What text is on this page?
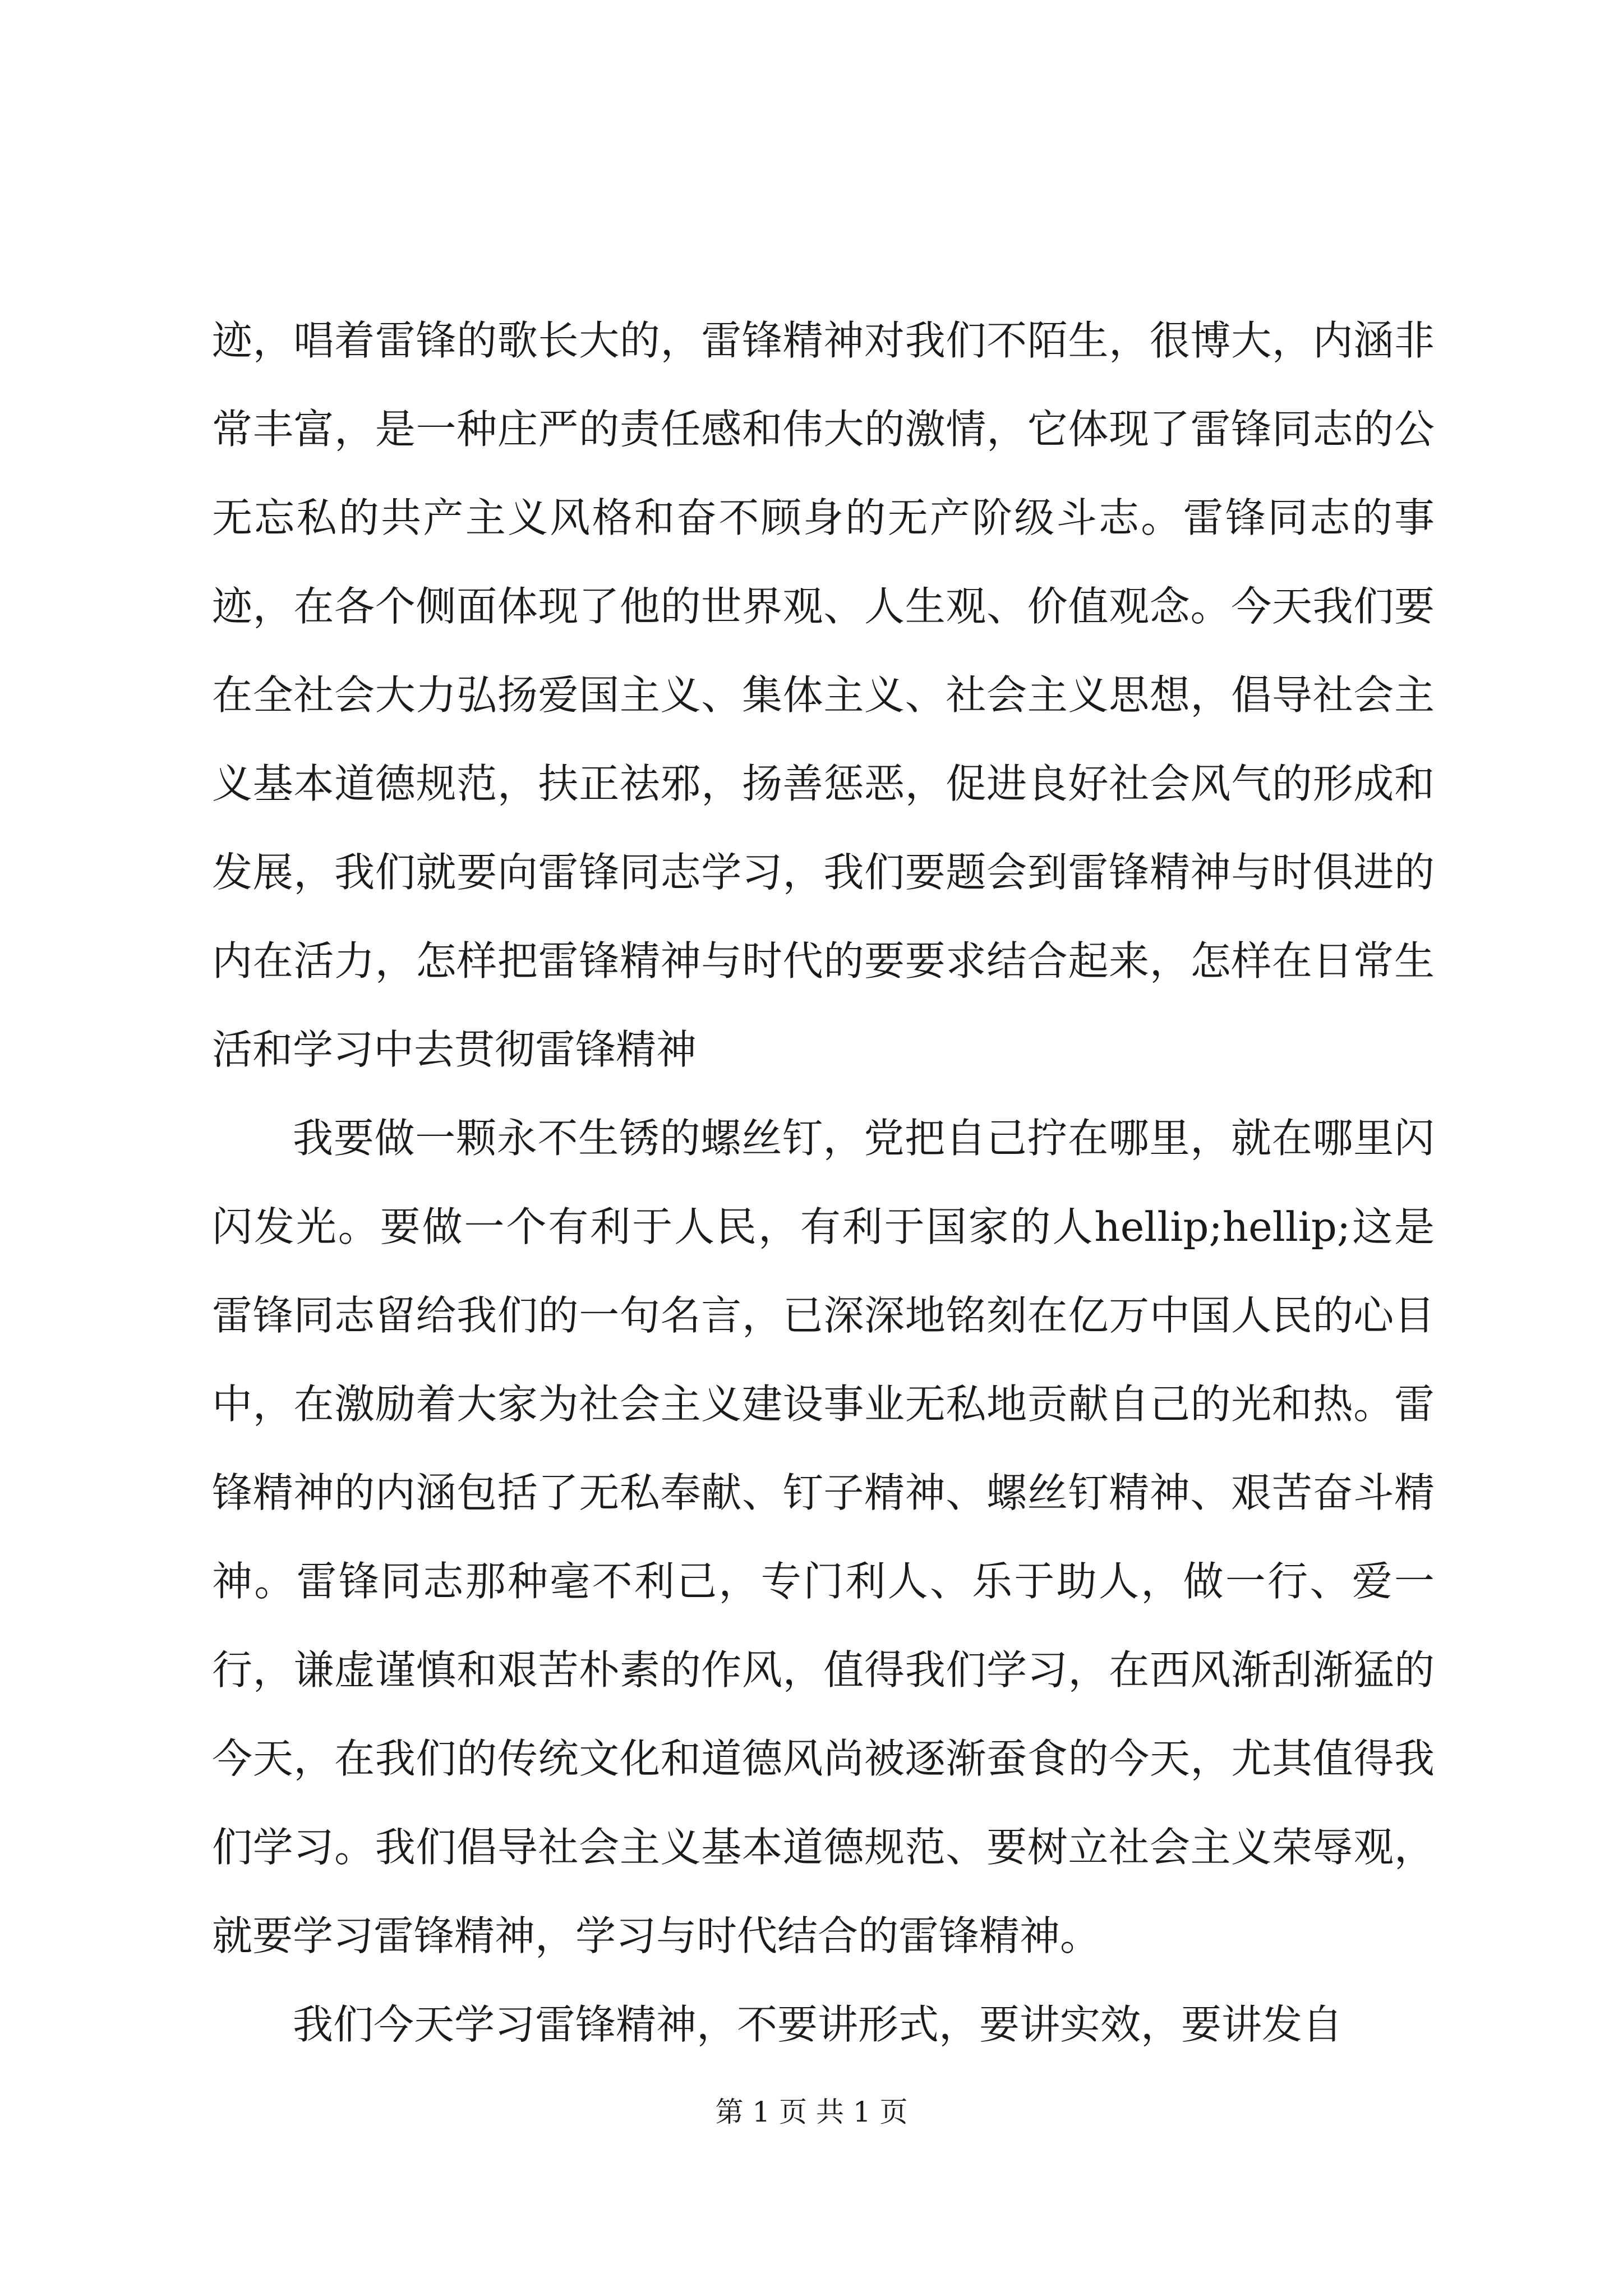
迹，唱着雷锋的歌长大的，雷锋精神对我们不陌生，很博大，内涵非常丰富，是一种庄严的责任感和伟大的激情，它体现了雷锋同志的公无忘私的共产主义风格和奋不顾身的无产阶级斗志。雷锋同志的事迹，在各个侧面体现了他的世界观、人生观、价值观念。今天我们要在全社会大力弘扬爱国主义、集体主义、社会主义思想，倡导社会主义基本道德规范，扶正祛邪，扬善惩恶，促进良好社会风气的形成和发展，我们就要向雷锋同志学习，我们要题会到雷锋精神与时俱进的内在活力，怎样把雷锋精神与时代的要要求结合起来，怎样在日常生活和学习中去贯彻雷锋精神

我要做一颗永不生锈的螺丝钉，党把自己拧在哪里，就在哪里闪闪发光。要做一个有利于人民，有利于国家的人hellip;hellip;这是雷锋同志留给我们的一句名言，已深深地铭刻在亿万中国人民的心目中，在激励着大家为社会主义建设事业无私地贡献自己的光和热。雷锋精神的内涵包括了无私奉献、钉子精神、螺丝钉精神、艰苦奋斗精神。雷锋同志那种毫不利己，专门利人、乐于助人，做一行、爱一行，谦虚谨慎和艰苦朴素的作风，值得我们学习，在西风渐刮渐猛的今天，在我们的传统文化和道德风尚被逐渐蚕食的今天，尤其值得我们学习。我们倡导社会主义基本道德规范、要树立社会主义荣辱观，就要学习雷锋精神，学习与时代结合的雷锋精神。

我们今天学习雷锋精神，不要讲形式，要讲实效，要讲发自

第 1 页 共 1 页
